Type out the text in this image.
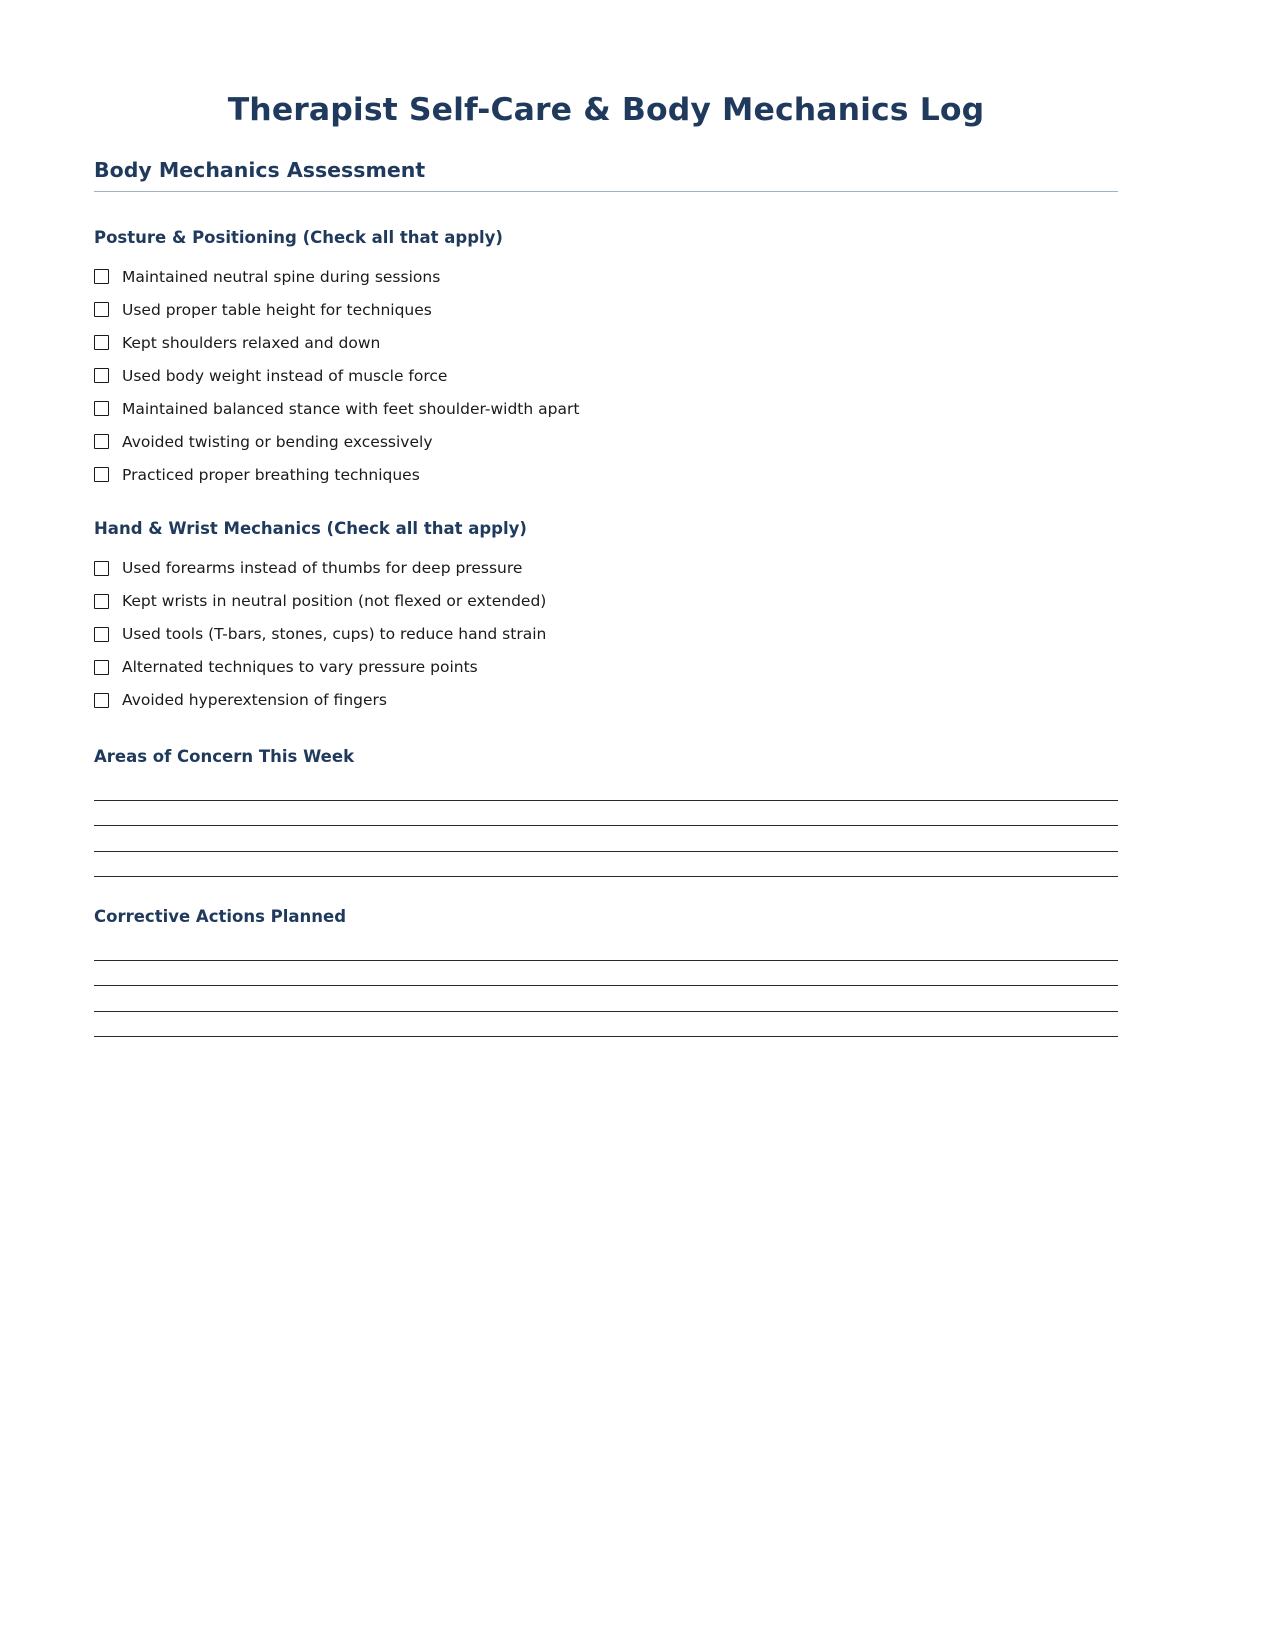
Therapist Self-Care & Body Mechanics Log
Body Mechanics Assessment
Posture & Positioning (Check all that apply)
Maintained neutral spine during sessions
Used proper table height for techniques
Kept shoulders relaxed and down
Used body weight instead of muscle force
Maintained balanced stance with feet shoulder-width apart
Avoided twisting or bending excessively
Practiced proper breathing techniques
Hand & Wrist Mechanics (Check all that apply)
Used forearms instead of thumbs for deep pressure
Kept wrists in neutral position (not flexed or extended)
Used tools (T-bars, stones, cups) to reduce hand strain
Alternated techniques to vary pressure points
Avoided hyperextension of fingers
Areas of Concern This Week
Corrective Actions Planned
